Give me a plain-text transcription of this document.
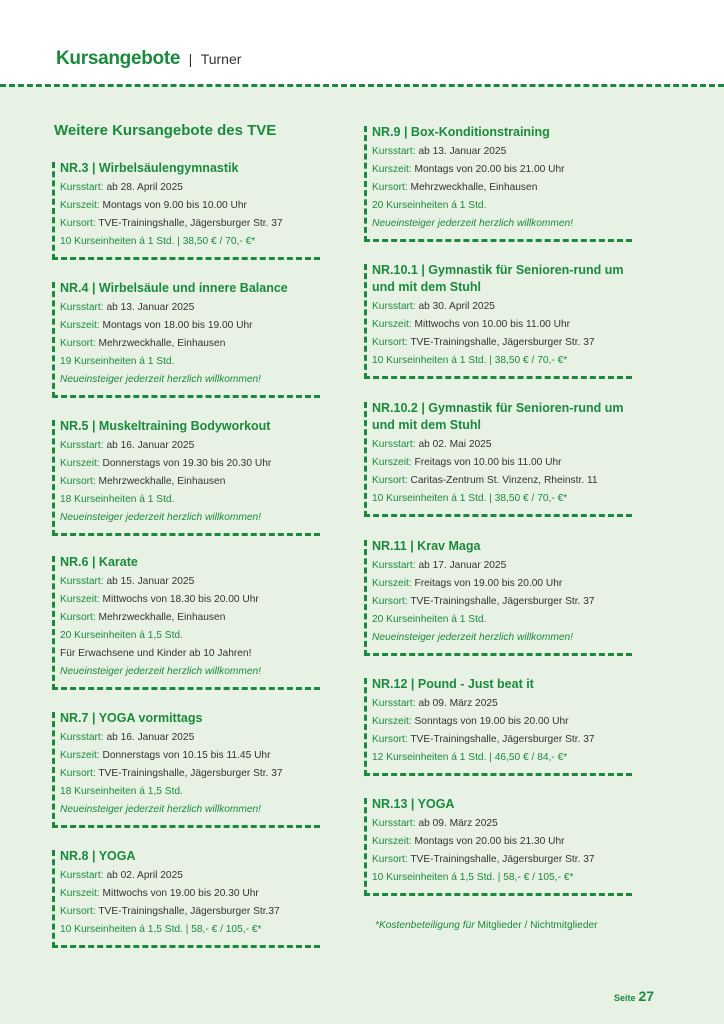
Kursangebote | Turner
Weitere Kursangebote des TVE
NR.3 | Wirbelsäulengymnastik
Kursstart: ab 28. April 2025
Kurszeit: Montags von 9.00 bis 10.00 Uhr
Kursort: TVE-Trainingshalle, Jägersburger Str. 37
10 Kurseinheiten á 1 Std. | 38,50 € / 70,- €*
NR.4 | Wirbelsäule und innere Balance
Kursstart: ab 13. Januar 2025
Kurszeit: Montags von 18.00 bis 19.00 Uhr
Kursort: Mehrzweckhalle, Einhausen
19 Kurseinheiten á 1 Std.
Neueinsteiger jederzeit herzlich willkommen!
NR.5 | Muskeltraining Bodyworkout
Kursstart: ab 16. Januar 2025
Kurszeit: Donnerstags von 19.30 bis 20.30 Uhr
Kursort: Mehrzweckhalle, Einhausen
18 Kurseinheiten á 1 Std.
Neueinsteiger jederzeit herzlich willkommen!
NR.6 | Karate
Kursstart: ab 15. Januar 2025
Kurszeit: Mittwochs von 18.30 bis 20.00 Uhr
Kursort: Mehrzweckhalle, Einhausen
20 Kurseinheiten á 1,5 Std.
Für Erwachsene und Kinder ab 10 Jahren!
Neueinsteiger jederzeit herzlich willkommen!
NR.7 | YOGA vormittags
Kursstart: ab 16. Januar 2025
Kurszeit: Donnerstags von 10.15 bis 11.45 Uhr
Kursort: TVE-Trainingshalle, Jägersburger Str. 37
18 Kurseinheiten á 1,5 Std.
Neueinsteiger jederzeit herzlich willkommen!
NR.8 | YOGA
Kursstart: ab 02. April 2025
Kurszeit: Mittwochs von 19.00 bis 20.30 Uhr
Kursort: TVE-Trainingshalle, Jägersburger Str.37
10 Kurseinheiten á 1,5 Std. | 58,- € / 105,- €*
NR.9 | Box-Konditionstraining
Kursstart: ab 13. Januar 2025
Kurszeit: Montags von 20.00 bis 21.00 Uhr
Kursort: Mehrzweckhalle, Einhausen
20 Kurseinheiten á 1 Std.
Neueinsteiger jederzeit herzlich willkommen!
NR.10.1 | Gymnastik für Senioren-rund um und mit dem Stuhl
Kursstart: ab 30. April 2025
Kurszeit: Mittwochs von 10.00 bis 11.00 Uhr
Kursort: TVE-Trainingshalle, Jägersburger Str. 37
10 Kurseinheiten á 1 Std. | 38,50 € / 70,- €*
NR.10.2 | Gymnastik für Senioren-rund um und mit dem Stuhl
Kursstart: ab 02. Mai 2025
Kurszeit: Freitags von 10.00 bis 11.00 Uhr
Kursort: Caritas-Zentrum St. Vinzenz, Rheinstr. 11
10 Kurseinheiten á 1 Std. | 38,50 € / 70,- €*
NR.11 | Krav Maga
Kursstart: ab 17. Januar 2025
Kurszeit: Freitags von 19.00 bis 20.00 Uhr
Kursort: TVE-Trainingshalle, Jägersburger Str. 37
20 Kurseinheiten á 1 Std.
Neueinsteiger jederzeit herzlich willkommen!
NR.12 | Pound - Just beat it
Kursstart: ab 09. März 2025
Kurszeit: Sonntags von 19.00 bis 20.00 Uhr
Kursort: TVE-Trainingshalle, Jägersburger Str. 37
12 Kurseinheiten á 1 Std. | 46,50 € / 84,- €*
NR.13 | YOGA
Kursstart: ab 09. März 2025
Kurszeit: Montags von 20.00 bis 21.30 Uhr
Kursort: TVE-Trainingshalle, Jägersburger Str. 37
10 Kurseinheiten á 1,5 Std. | 58,- € / 105,- €*
*Kostenbeteiligung für Mitglieder / Nichtmitglieder
Seite 27
